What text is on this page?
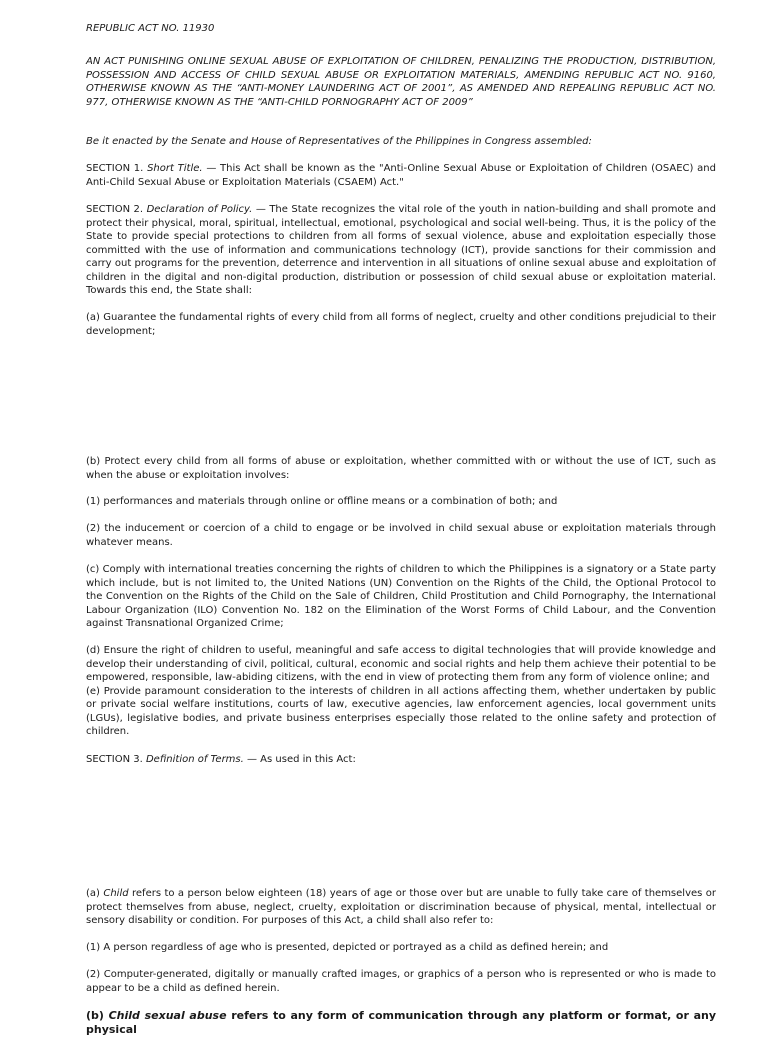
REPUBLIC ACT NO. 11930

AN ACT PUNISHING ONLINE SEXUAL ABUSE OF EXPLOITATION OF CHILDREN, PENALIZING THE PRODUCTION, DISTRIBUTION, POSSESSION AND ACCESS OF CHILD SEXUAL ABUSE OR EXPLOITATION MATERIALS, AMENDING REPUBLIC ACT NO. 9160, OTHERWISE KNOWN AS THE “ANTI-MONEY LAUNDERING ACT OF 2001”, AS AMENDED AND REPEALING REPUBLIC ACT NO. 977, OTHERWISE KNOWN AS THE “ANTI-CHILD PORNOGRAPHY ACT OF 2009”

Be it enacted by the Senate and House of Representatives of the Philippines in Congress assembled:

SECTION 1. Short Title. — This Act shall be known as the "Anti-Online Sexual Abuse or Exploitation of Children (OSAEC) and Anti-Child Sexual Abuse or Exploitation Materials (CSAEM) Act."

SECTION 2. Declaration of Policy. — The State recognizes the vital role of the youth in nation-building and shall promote and protect their physical, moral, spiritual, intellectual, emotional, psychological and social well-being. Thus, it is the policy of the State to provide special protections to children from all forms of sexual violence, abuse and exploitation especially those committed with the use of information and communications technology (ICT), provide sanctions for their commission and carry out programs for the prevention, deterrence and intervention in all situations of online sexual abuse and exploitation of children in the digital and non-digital production, distribution or possession of child sexual abuse or exploitation material. Towards this end, the State shall:

(a) Guarantee the fundamental rights of every child from all forms of neglect, cruelty and other conditions prejudicial to their development;

(b) Protect every child from all forms of abuse or exploitation, whether committed with or without the use of ICT, such as when the abuse or exploitation involves:

(1) performances and materials through online or offline means or a combination of both; and

(2) the inducement or coercion of a child to engage or be involved in child sexual abuse or exploitation materials through whatever means.

(c) Comply with international treaties concerning the rights of children to which the Philippines is a signatory or a State party which include, but is not limited to, the United Nations (UN) Convention on the Rights of the Child, the Optional Protocol to the Convention on the Rights of the Child on the Sale of Children, Child Prostitution and Child Pornography, the International Labour Organization (ILO) Convention No. 182 on the Elimination of the Worst Forms of Child Labour, and the Convention against Transnational Organized Crime;

(d) Ensure the right of children to useful, meaningful and safe access to digital technologies that will provide knowledge and develop their understanding of civil, political, cultural, economic and social rights and help them achieve their potential to be empowered, responsible, law-abiding citizens, with the end in view of protecting them from any form of violence online; and

(e) Provide paramount consideration to the interests of children in all actions affecting them, whether undertaken by public or private social welfare institutions, courts of law, executive agencies, law enforcement agencies, local government units (LGUs), legislative bodies, and private business enterprises especially those related to the online safety and protection of children.

SECTION 3. Definition of Terms. — As used in this Act:

(a) Child refers to a person below eighteen (18) years of age or those over but are unable to fully take care of themselves or protect themselves from abuse, neglect, cruelty, exploitation or discrimination because of physical, mental, intellectual or sensory disability or condition. For purposes of this Act, a child shall also refer to:

(1) A person regardless of age who is presented, depicted or portrayed as a child as defined herein; and

(2) Computer-generated, digitally or manually crafted images, or graphics of a person who is represented or who is made to appear to be a child as defined herein.

(b) Child sexual abuse refers to any form of communication through any platform or format, or any physical
